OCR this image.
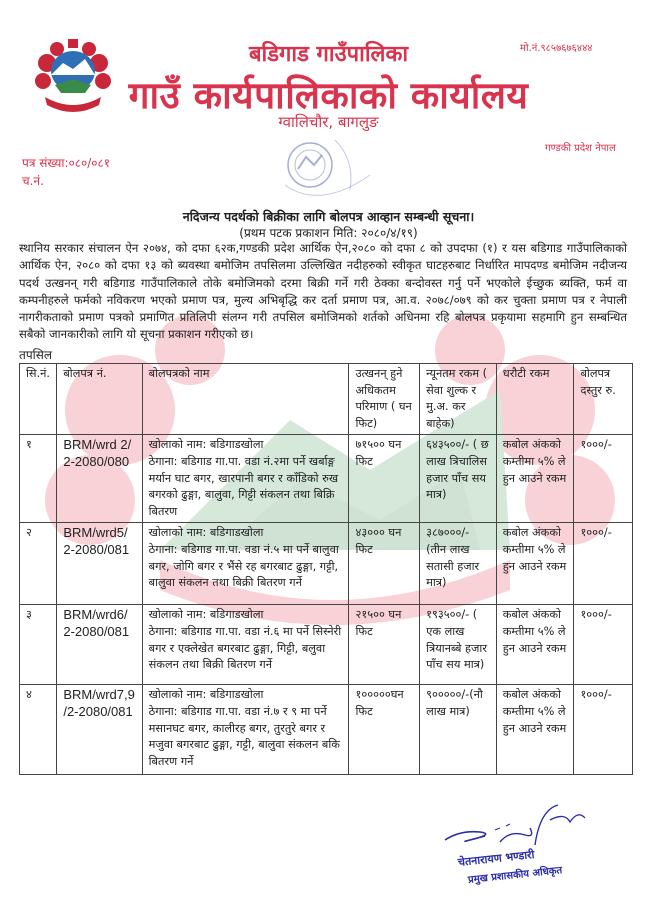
बडिगाड गाउँपालिका
गाउँ कार्यपालिकाको कार्यालय
ग्वालिचौर, बागलुङ
मो.नं.९८५७६७६४४४
गण्डकी प्रदेश नेपाल
पत्र संख्या:०८०/०८१
च.नं.
नदिजन्य पदर्थको बिक्रीका लागि बोलपत्र आव्हान सम्बन्धी सूचना।
(प्रथम पटक प्रकाशन मिति: २०८०/४/१९)
स्थानिय सरकार संचालन ऐन २०७४, को दफा ६२क,गण्डकी प्रदेश आर्थिक ऐन,२०८० को दफा ८ को उपदफा (१) र यस बडिगाड गाउँपालिकाको आर्थिक ऐन, २०८० को दफा १३ को ब्यवस्था बमोजिम तपसिलमा उल्लिखित नदीहरुको स्वीकृत घाटहरुबाट निर्धारित मापदण्ड बमोजिम नदीजन्य पदर्थ उत्खनन् गरी बडिगाड गाउँपालिकाले तोके बमोजिमको दरमा बिक्री गर्ने गरी ठेक्का बन्दोवस्त गर्नु पर्ने भएकोले ईच्छुक ब्यक्ति, फर्म वा कम्पनीहरुले फर्मको नविकरण भएको प्रमाण पत्र, मुल्य अभिबृद्धि कर दर्ता प्रमाण पत्र, आ.व. २०७८/०७९ को कर चुक्ता प्रमाण पत्र र नेपाली नागरीकताको प्रमाण पत्रको प्रमाणित प्रतिलिपी संलग्न गरी तपसिल बमोजिमको शर्तको अधिनमा रहि बोलपत्र प्रकृयामा सहमागि हुन सम्बन्धित सबैको जानकारीको लागि यो सूचना प्रकाशन गरीएको छ।
तपसिल
सि.नं.	बोलपत्र नं.	बोलपत्रको नाम	उत्खनन् हुने अधिकतम परिमाण ( घन फिट)	न्यूनतम रकम ( सेवा शुल्क र मु.अ. कर बाहेक)	धरौटी रकम	बोलपत्र दस्तुर रु.
१	BRM/wrd 2/ 2-2080/080	खोलाको नाम: बडिगाडखोला
ठेगाना: बडिगाड गा.पा. वडा नं.२मा पर्ने खर्बाङ्ग मर्यान घाट बगर, खारपानी बगर र काँडिको रुख बगरको ढुङ्गा, बालुवा, गिट्टी संकलन तथा बिक्रि बितरण	७१५०० घन फिट	६४३५००/- ( छ लाख त्रिचालिस हजार पाँच सय मात्र)	कबोल अंकको कम्तीमा ५% ले हुन आउने रकम	१०००/-
२	BRM/wrd5/ 2-2080/081	खोलाको नाम: बडिगाडखोला
ठेगाना: बडिगाड गा.पा. वडा नं.५ मा पर्ने बालुवा बगर, जोगि बगर र भैंसे रह बगरबाट ढुङ्गा, गट्टी, बालुवा संकलन तथा बिक्री बितरण गर्ने	४३००० घन फिट	३८७०००/- (तीन लाख सतासी हजार मात्र)	कबोल अंकको कम्तीमा ५% ले हुन आउने रकम	१०००/-
३	BRM/wrd6/ 2-2080/081	खोलाको नाम: बडिगाडखोला
ठेगाना: बडिगाड गा.पा. वडा नं.६ मा पर्ने सिस्नेरी बगर र एक्लेखेत बगरबाट ढुङ्गा, गिट्टी, बलुवा संकलन तथा बिक्री बितरण गर्ने	२१५०० घन फिट	१९३५००/- ( एक लाख त्रियानब्बे हजार पाँच सय मात्र)	कबोल अंकको कम्तीमा ५% ले हुन आउने रकम	१०००/-
४	BRM/wrd7,9 /2-2080/081	खोलाको नाम: बडिगाडखोला
ठेगाना: बडिगाड गा.पा. वडा नं.७ र ९ मा पर्ने मसानघट बगर, कालीरह बगर, तुरतुरे बगर र मजुवा बगरबाट ढुङ्गा, गट्टी, बालुवा संकलन बकि बितरण गर्ने	१०००००घन फिट	९०००००/-(नौ लाख मात्र)	कबोल अंकको कम्तीमा ५% ले हुन आउने रकम	१०००/-
चेतनारायण भण्डारी
प्रमुख प्रशासकीय अधिकृत
